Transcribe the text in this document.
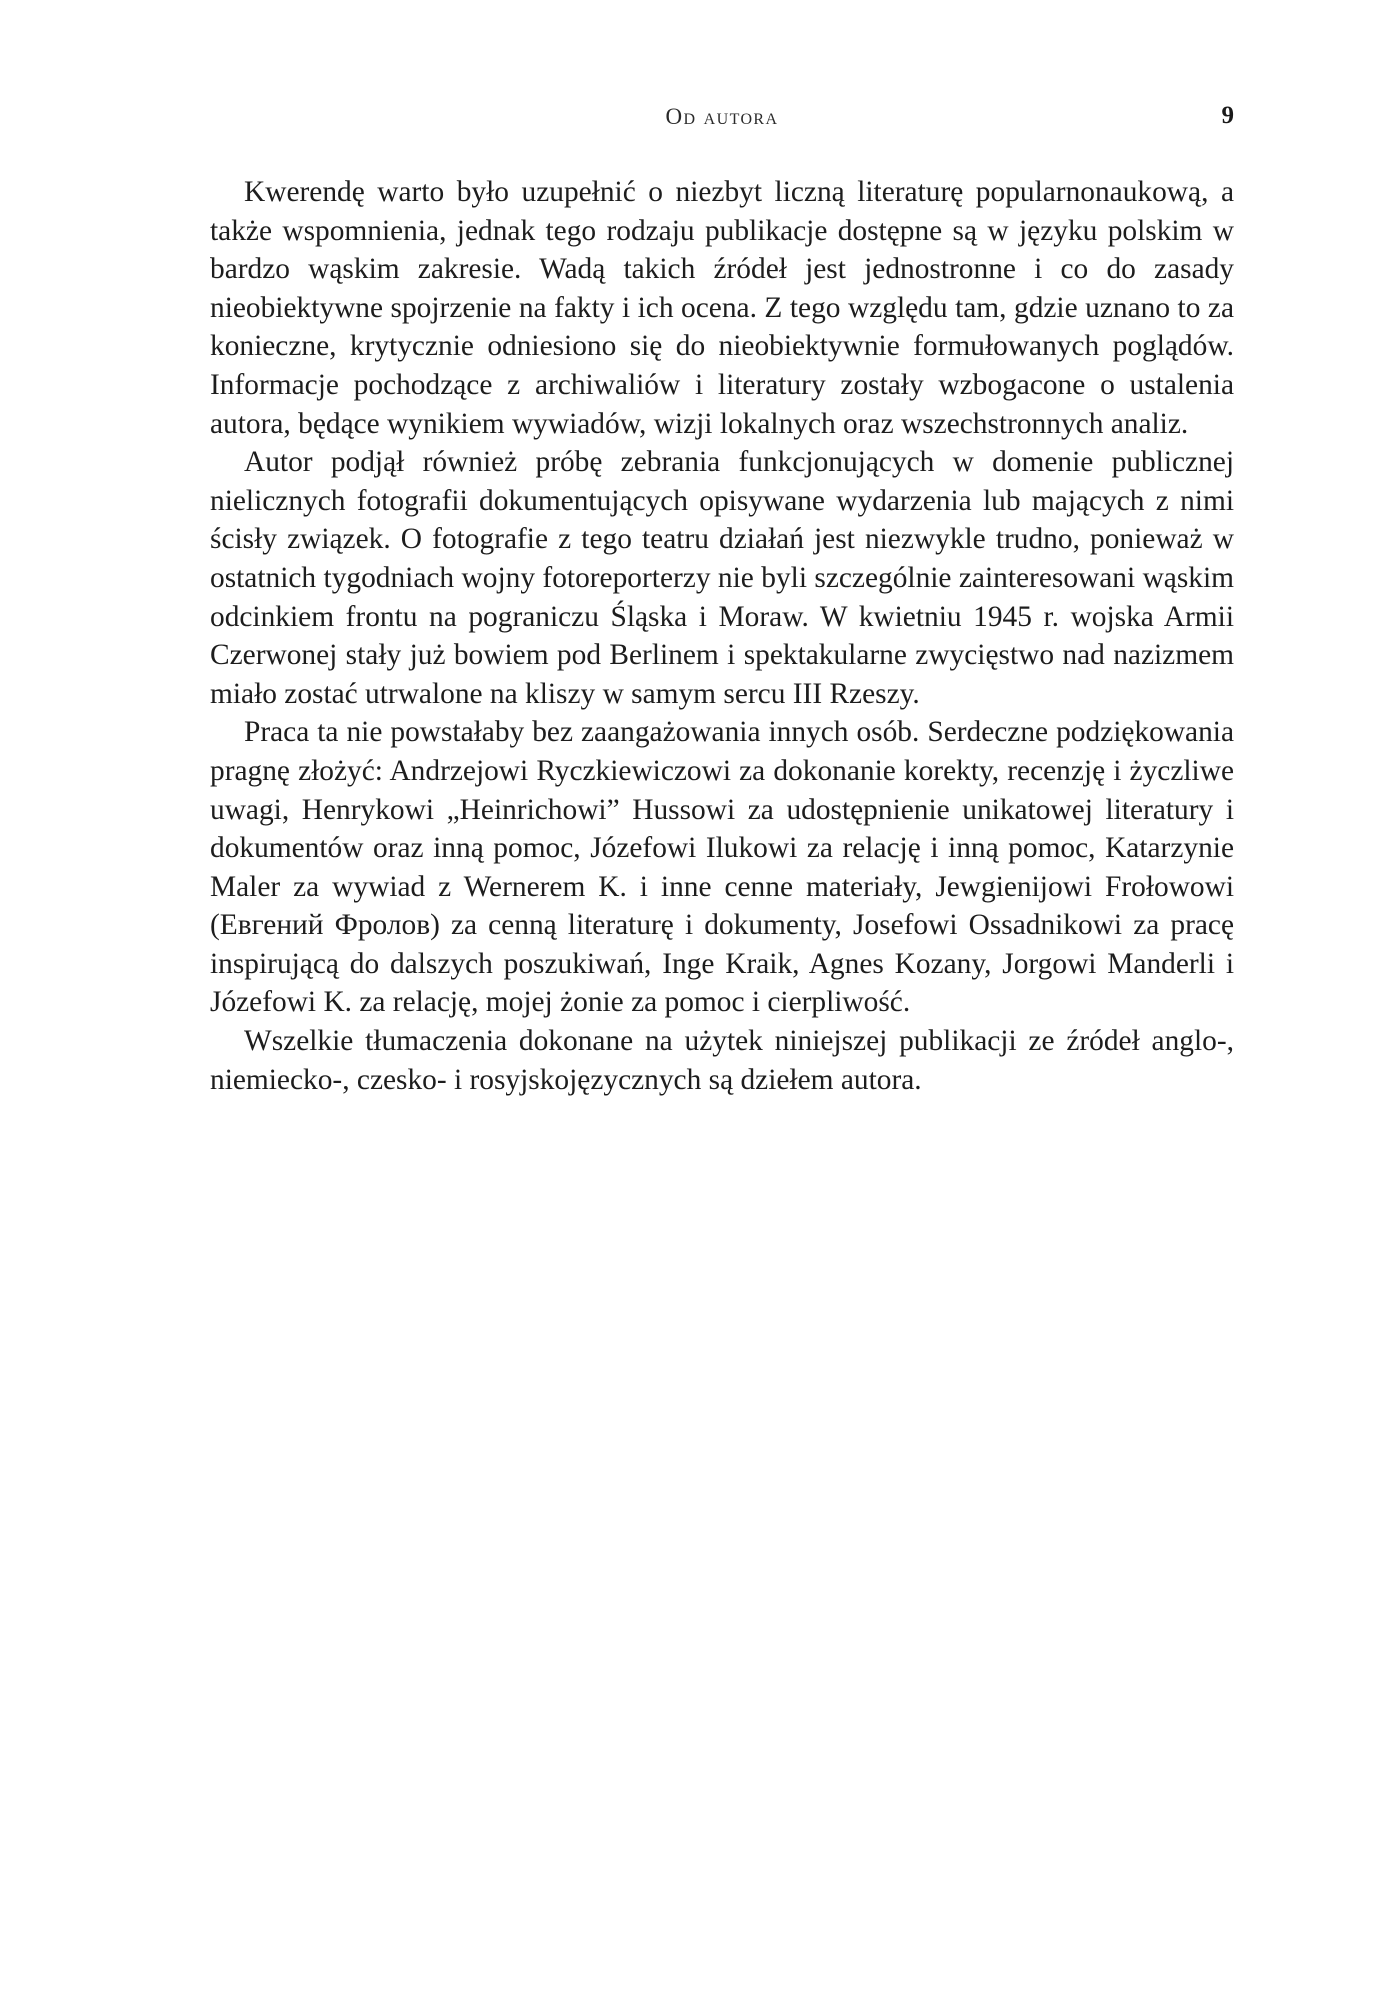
Od autora	9

Kwerendę warto było uzupełnić o niezbyt liczną literaturę popularnonaukową, a także wspomnienia, jednak tego rodzaju publikacje dostępne są w języku polskim w bardzo wąskim zakresie. Wadą takich źródeł jest jednostronne i co do zasady nieobiektywne spojrzenie na fakty i ich ocena. Z tego względu tam, gdzie uznano to za konieczne, krytycznie odniesiono się do nieobiektywnie formułowanych poglądów. Informacje pochodzące z archiwaliów i literatury zostały wzbogacone o ustalenia autora, będące wynikiem wywiadów, wizji lokalnych oraz wszechstronnych analiz.

Autor podjął również próbę zebrania funkcjonujących w domenie publicznej nielicznych fotografii dokumentujących opisywane wydarzenia lub mających z nimi ścisły związek. O fotografie z tego teatru działań jest niezwykle trudno, ponieważ w ostatnich tygodniach wojny fotoreporterzy nie byli szczególnie zainteresowani wąskim odcinkiem frontu na pograniczu Śląska i Moraw. W kwietniu 1945 r. wojska Armii Czerwonej stały już bowiem pod Berlinem i spektakularne zwycięstwo nad nazizmem miało zostać utrwalone na kliszy w samym sercu III Rzeszy.

Praca ta nie powstałaby bez zaangażowania innych osób. Serdeczne podziękowania pragnę złożyć: Andrzejowi Ryczkiewiczowi za dokonanie korekty, recenzję i życzliwe uwagi, Henrykowi „Heinrichowi” Hussowi za udostępnienie unikatowej literatury i dokumentów oraz inną pomoc, Józefowi Ilukowi za relację i inną pomoc, Katarzynie Maler za wywiad z Wernerem K. i inne cenne materiały, Jewgienijowi Frołowowi (Евгений Фролов) za cenną literaturę i dokumenty, Josefowi Ossadnikowi za pracę inspirującą do dalszych poszukiwań, Inge Kraik, Agnes Kozany, Jorgowi Manderli i Józefowi K. za relację, mojej żonie za pomoc i cierpliwość.

Wszelkie tłumaczenia dokonane na użytek niniejszej publikacji ze źródeł anglo-, niemiecko-, czesko- i rosyjskojęzycznych są dziełem autora.
